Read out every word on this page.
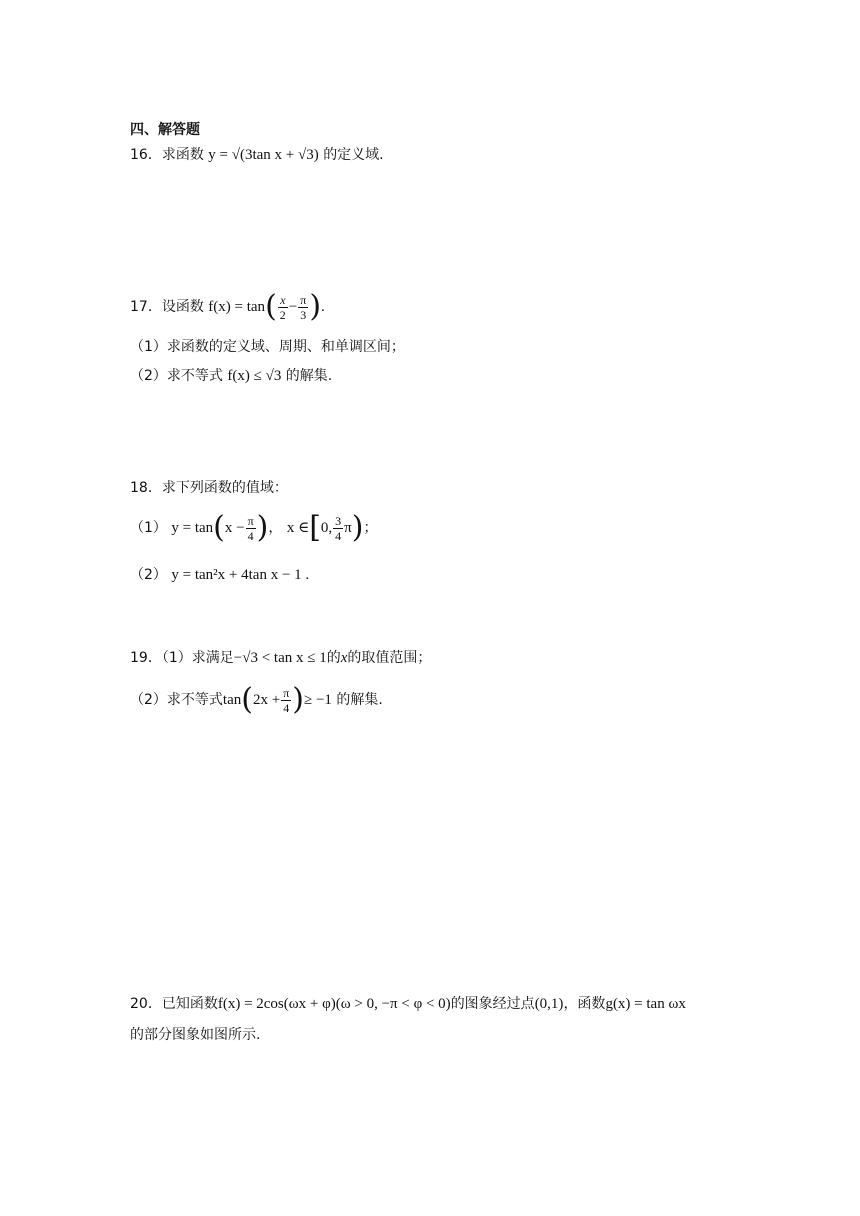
四、解答题
16．求函数 y = √(3tan x + √3) 的定义域.
17．设函数 $f(x) = \tan( \frac{x}{2} - \frac{\pi}{3}$ ).
（1）求函数的定义域、周期、和单调区间；
（2）求不等式 f(x) ≤ √3 的解集.
18．求下列函数的值域：
（1） $y = \tan(x - \frac{\pi}{4}$ )， x ∈[0, $\frac{3}{4} \pi$)；
（2） y = tan²x + 4tan x − 1 .
19．（1）求满足−√3 < tan x ≤ 1的x的取值范围；
（2）求不等式$\tan(2x + \frac{\pi}{4}$ )≥ −1 的解集.
20．已知函数f(x) = 2cos(ωx + φ)(ω > 0, −π < φ < 0)的图象经过点(0,1)，函数g(x) = tan ωx
的部分图象如图所示.
